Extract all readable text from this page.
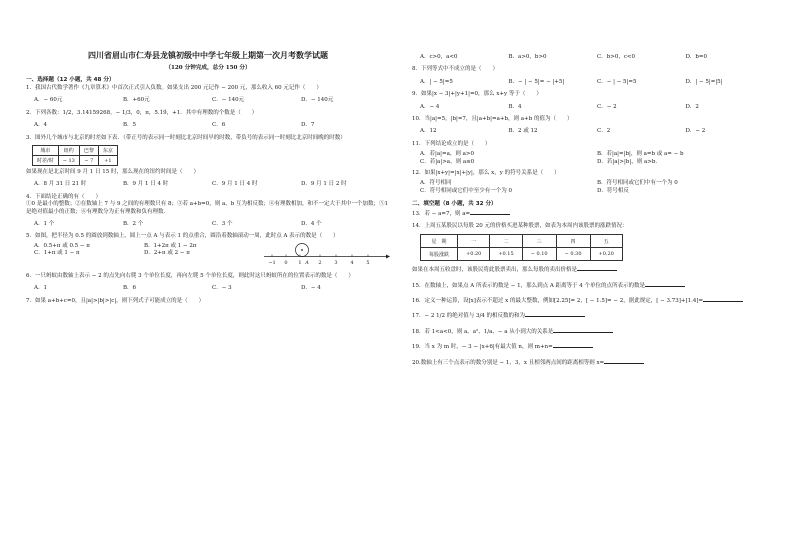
四川省眉山市仁寿县龙镇初级中中学七年级上期第一次月考数学试题
（120 分钟完成，总分 150 分）
一、选择题（12 小题，共 48 分）

1．我国古代数学著作《九章算术》中首次正式引入负数。如果支出 200 元记作 − 200 元，那么收入 60 元记作（　　）

A．− 60元	B．+60元	C．− 140元	D．− 140元

2．下列各数：1/2，3.14159268，− 1/3，0，π，5.1̇9̇，+1．其中有理数的个数是（　　）

A．4	B．5	C．6	D．7

3．图外几个城市与北京的时差如下表．（带正号的表示同一时刻比北京时间早的时数，带负号的表示同一时刻比北京时间晚的时数）

城市	纽约	巴黎	东京
时差/时	− 13	− 7	+1

如果现在是北京时间 9 月 1 日 15 时，那么现在的纽约时间是（　　）

A．8 月 31 日 21 时	B．9 月 1 日 4 时	C．9 月 1 日 4 时	D．9 月 1 日 2 时

4．下面结论正确的有（　　）

①0 是最小的整数；②在数轴上 7 与 9 之间的有理数只有 8；③若 a+b=0，则 a、b 互为相反数；④有理数相加，和不一定大于其中一个加数；⑤1 是绝对值最小的正数；⑥有理数分为正有理数和负有理数．

A．1 个	B．2 个	C．3 个	D．4 个

5．如图，把半径为 0.5 的圆放到数轴上，圆上一点 A 与表示 1 的点重合，圆沿着数轴滚动一周，此时点 A 表示的数是（　　）

A．0.5+π 或 0.5 − π	B．1+2π 或 1 − 2π
C．1+π 或 1 − π	D．2+π 或 2 − π
−1 0 1 A 2	3	4	5

6．一只蚂蚁由数轴上表示 − 2 的点先向右爬 3 个单位长度，再向左爬 5 个单位长度，则此时这只蚂蚁所在的位置表示的数是（　　）

A．1	B．6	C．− 3	D．− 4

7．如果 a+b+c=0，且|a|>|b|>|c|，则下列式子可能成立的是（　　）

A．c>0，a<0	B．a>0，b>0	C．b>0，c<0	D．b=0

8．下列等式中不成立的是（　　）

A．| − 5|=5	B．− | − 5|= − |+5|	C．− | − 5|=5	D．| − 5|=|5|

9．如果|x − 3|+|y+1|=0，那么 x+y 等于（　　）

A．− 4	B．4	C．− 2	D．2

10．当|a|=5，|b|=7，且|a+b|=a+b，则 a+b 的值为（　　）

A．12	B．2 或 12	C．2	D．− 2

11．下列结论成立的是（　　）

A．若|a|=a，则 a>0	B．若|a|=|b|，则 a=b 或 a= − b
C．若|a|>a，则 a≤0	D．若|a|>|b|，则 a>b．

12．如果|x+y|=|x|+|y|，那么 x，y 的符号关系是（　　）

A．符号相同	B．符号相同或它们中有一个为 0
C．符号相同或它们中至少有一个为 0	D．符号相反
二、填空题（8 小题，共 32 分）

13．若 − a=7，则 a=

14．上周五某股民以每股 20 元的价格买进某种股票，如表为本周内该股票的涨跌情况：

星　期	一	二	三	四	五
每股涨跌	+0.20	+0.15	− 0.10	− 0.30	+0.20

如果在本周五收盘时，该股民将此股票卖出，那么每股的卖出价格是

15．在数轴上，如果点 A 所表示的数是 − 1，那么到点 A 距离等于 4 个单位的点所表示的数是

16．定义一种运算，设[x]表示不超过 x 的最大整数，例如[2.25]= 2，[ − 1.5]= − 2，据此规定，[ − 3.73]+[1.4]=

17．− 2 1/2 的绝对值与 3/4 的相反数的和为

18．若 1<a<0，则 a、a²、1/a、− a 从小到大的关系是

19．当 x 为 m 时，− 3 − |x+6|有最大值 n，则 m+n=

20.数轴上有三个点表示的数分别是 − 1，3，x 且相邻两点间的距离相等则 x=
